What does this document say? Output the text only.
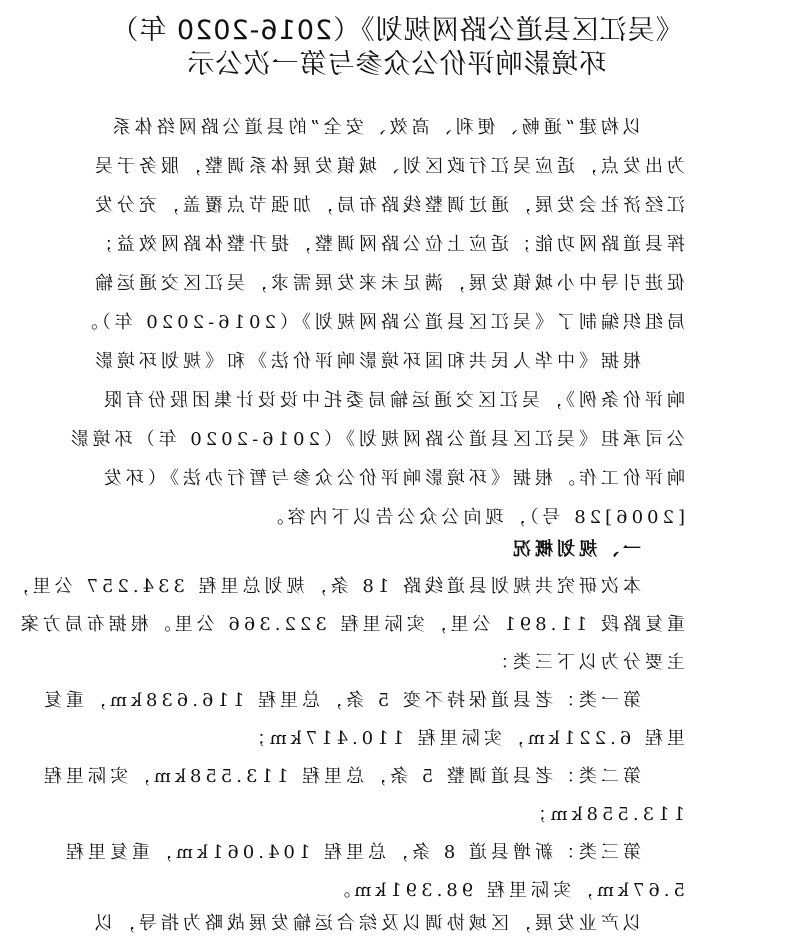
《吴江区县道公路网规划》（2016-2020 年）
环境影响评价公众参与第一次公示
以构建“通畅、便利、高效、安全”的县道公路网络体系
为出发点，适应吴江行政区划、城镇发展体系调整，服务于吴
江经济社会发展，通过调整线路布局，加强节点覆盖，充分发
挥县道路网功能；适应上位公路网调整，提升整体路网效益；
促进引导中小城镇发展，满足未来发展需求，吴江区交通运输
局组织编制了《吴江区县道公路网规划》（2016-2020 年）。
根据《中华人民共和国环境影响评价法》和《规划环境影
响评价条例》，吴江区交通运输局委托中设设计集团股份有限
公司承担《吴江区县道公路网规划》（2016-2020 年）环境影
响评价工作。根据《环境影响评价公众参与暂行办法》（环发
[2006]28 号），现向公众公告以下内容。
一、规划概况
本次研究共规划县道线路 18 条，规划总里程 334.257 公里，
重复路段 11.891 公里，实际里程 322.366 公里。根据布局方案
主要分为以下三类：
第一类：老县道保持不变 5 条，总里程 116.638km，重复
里程 6.221km，实际里程 110.417km；
第二类：老县道调整 5 条，总里程 113.558km，实际里程
113.558km；
第三类：新增县道 8 条，总里程 104.061km，重复里程
5.67km，实际里程 98.391km。
以产业发展，区域协调以及综合运输发展战略为指导，以
